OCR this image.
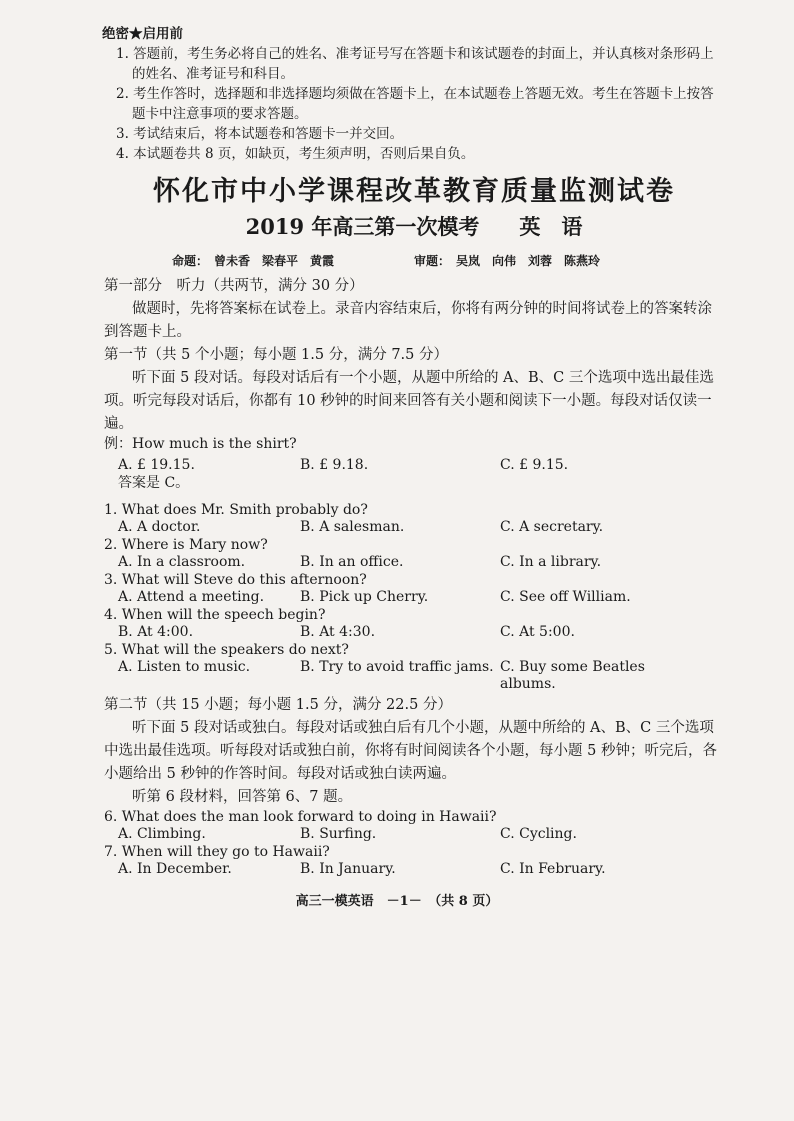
绝密★启用前
1. 答题前，考生务必将自己的姓名、准考证号写在答题卡和该试题卷的封面上，并认真核对条形码上的姓名、准考证号和科目。
2. 考生作答时，选择题和非选择题均须做在答题卡上，在本试题卷上答题无效。考生在答题卡上按答题卡中注意事项的要求答题。
3. 考试结束后，将本试题卷和答题卡一并交回。
4. 本试题卷共 8 页，如缺页，考生须声明，否则后果自负。
怀化市中小学课程改革教育质量监测试卷
2019 年高三第一次模考 英　语
命题：　曾未香　梁春平　黄霞	审题：　吴岚　向伟　刘蓉　陈燕玲

第一部分　听力（共两节，满分 30 分）

做题时，先将答案标在试卷上。录音内容结束后，你将有两分钟的时间将试卷上的答案转涂到答题卡上。

第一节（共 5 个小题；每小题 1.5 分，满分 7.5 分）

听下面 5 段对话。每段对话后有一个小题，从题中所给的 A、B、C 三个选项中选出最佳选项。听完每段对话后，你都有 10 秒钟的时间来回答有关小题和阅读下一小题。每段对话仅读一遍。

例：How much is the shirt?

A. £ 19.15.	B. £ 9.18.	C. £ 9.15.
答案是 C。

1. What does Mr. Smith probably do?

A. A doctor.	B. A salesman.	C. A secretary.

2. Where is Mary now?

A. In a classroom.	B. In an office.	C. In a library.

3. What will Steve do this afternoon?

A. Attend a meeting.	B. Pick up Cherry.	C. See off William.

4. When will the speech begin?

B. At 4:00.	B. At 4:30.	C. At 5:00.

5. What will the speakers do next?

A. Listen to music.	B. Try to avoid traffic jams. C. Buy some Beatles albums.

第二节（共 15 小题；每小题 1.5 分，满分 22.5 分）

听下面 5 段对话或独白。每段对话或独白后有几个小题，从题中所给的 A、B、C 三个选项中选出最佳选项。听每段对话或独白前，你将有时间阅读各个小题，每小题 5 秒钟；听完后，各小题给出 5 秒钟的作答时间。每段对话或独白读两遍。

听第 6 段材料，回答第 6、7 题。

6. What does the man look forward to doing in Hawaii?

A. Climbing.	B. Surfing.	C. Cycling.

7. When will they go to Hawaii?

A. In December.	B. In January.	C. In February.
高三一模英语　－1－　（共 8 页）
